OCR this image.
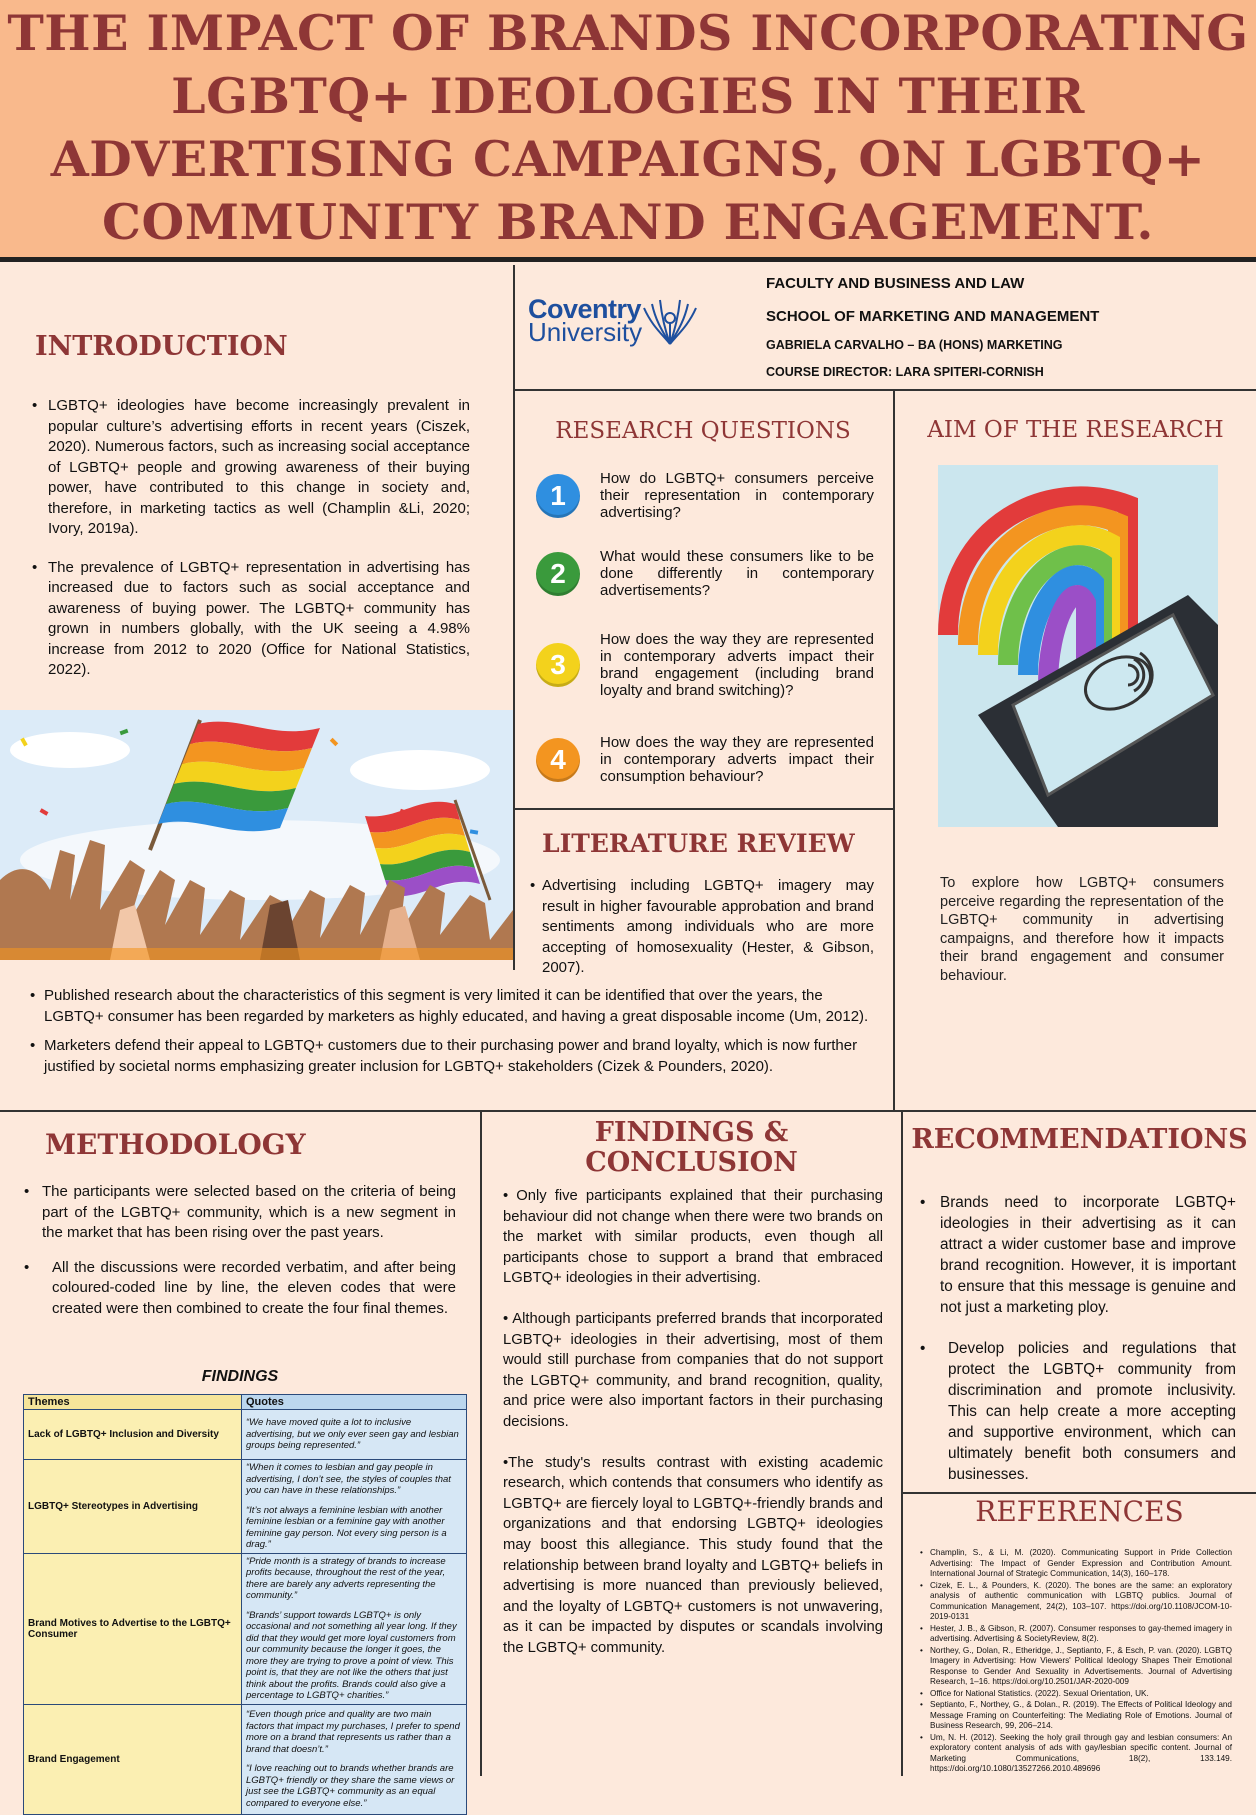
THE IMPACT OF BRANDS INCORPORATING LGBTQ+ IDEOLOGIES IN THEIR ADVERTISING CAMPAIGNS, ON LGBTQ+ COMMUNITY BRAND ENGAGEMENT.
Coventry
University
FACULTY AND BUSINESS AND LAW
SCHOOL OF MARKETING AND MANAGEMENT
GABRIELA CARVALHO – BA (HONS) MARKETING
COURSE DIRECTOR: LARA SPITERI-CORNISH
INTRODUCTION
• LGBTQ+ ideologies have become increasingly prevalent in popular culture’s advertising efforts in recent years (Ciszek, 2020). Numerous factors, such as increasing social acceptance of LGBTQ+ people and growing awareness of their buying power, have contributed to this change in society and, therefore, in marketing tactics as well (Champlin &Li, 2020; Ivory, 2019a).
• The prevalence of LGBTQ+ representation in advertising has increased due to factors such as social acceptance and awareness of buying power. The LGBTQ+ community has grown in numbers globally, with the UK seeing a 4.98% increase from 2012 to 2020 (Office for National Statistics, 2022).
RESEARCH QUESTIONS
1
How do LGBTQ+ consumers perceive their representation in contemporary advertising?
2
What would these consumers like to be done differently in contemporary advertisements?
3
How does the way they are represented in contemporary adverts impact their brand engagement (including brand loyalty and brand switching)?
4
How does the way they are represented in contemporary adverts impact their consumption behaviour?
AIM OF THE RESEARCH
To explore how LGBTQ+ consumers perceive regarding the representation of the LGBTQ+ community in advertising campaigns, and therefore how it impacts their brand engagement and consumer behaviour.
LITERATURE REVIEW
• Advertising including LGBTQ+ imagery may result in higher favourable approbation and brand sentiments among individuals who are more accepting of homosexuality (Hester, & Gibson, 2007).
• Published research about the characteristics of this segment is very limited it can be identified that over the years, the LGBTQ+ consumer has been regarded by marketers as highly educated, and having a great disposable income (Um, 2012).
• Marketers defend their appeal to LGBTQ+ customers due to their purchasing power and brand loyalty, which is now further justified by societal norms emphasizing greater inclusion for LGBTQ+ stakeholders (Cizek & Pounders, 2020).
METHODOLOGY
• The participants were selected based on the criteria of being part of the LGBTQ+ community, which is a new segment in the market that has been rising over the past years.
• All the discussions were recorded verbatim, and after being coloured-coded line by line, the eleven codes that were created were then combined to create the four final themes.
FINDINGS
Themes	Quotes
Lack of LGBTQ+ Inclusion and Diversity	“We have moved quite a lot to inclusive advertising, but we only ever seen gay and lesbian groups being represented.”

LGBTQ+ Stereotypes in Advertising	“When it comes to lesbian and gay people in advertising, I don’t see, the styles of couples that you can have in these relationships.”
“It’s not always a feminine lesbian with another feminine lesbian or a feminine gay with another feminine gay person. Not every sing person is a drag.”

Brand Motives to Advertise to the LGBTQ+ Consumer	“Pride month is a strategy of brands to increase profits because, throughout the rest of the year, there are barely any adverts representing the community.”
“Brands’ support towards LGBTQ+ is only occasional and not something all year long. If they did that they would get more loyal customers from our community because the longer it goes, the more they are trying to prove a point of view. This point is, that they are not like the others that just think about the profits. Brands could also give a percentage to LGBTQ+ charities.”

Brand Engagement	“Even though price and quality are two main factors that impact my purchases, I prefer to spend more on a brand that represents us rather than a brand that doesn’t.”
“I love reaching out to brands whether brands are LGBTQ+ friendly or they share the same views or just see the LGBTQ+ community as an equal compared to everyone else.”
FINDINGS &
CONCLUSION

• Only five participants explained that their purchasing behaviour did not change when there were two brands on the market with similar products, even though all participants chose to support a brand that embraced LGBTQ+ ideologies in their advertising.

• Although participants preferred brands that incorporated LGBTQ+ ideologies in their advertising, most of them would still purchase from companies that do not support the LGBTQ+ community, and brand recognition, quality, and price were also important factors in their purchasing decisions.

•The study's results contrast with existing academic research, which contends that consumers who identify as LGBTQ+ are fiercely loyal to LGBTQ+-friendly brands and organizations and that endorsing LGBTQ+ ideologies may boost this allegiance. This study found that the relationship between brand loyalty and LGBTQ+ beliefs in advertising is more nuanced than previously believed, and the loyalty of LGBTQ+ customers is not unwavering, as it can be impacted by disputes or scandals involving the LGBTQ+ community.

RECOMMENDATIONS
• Brands need to incorporate LGBTQ+ ideologies in their advertising as it can attract a wider customer base and improve brand recognition. However, it is important to ensure that this message is genuine and not just a marketing ploy.
• Develop policies and regulations that protect the LGBTQ+ community from discrimination and promote inclusivity. This can help create a more accepting and supportive environment, which can ultimately benefit both consumers and businesses.
REFERENCES
• Champlin, S., & Li, M. (2020). Communicating Support in Pride Collection Advertising: The Impact of Gender Expression and Contribution Amount. International Journal of Strategic Communication, 14(3), 160–178.
• Cizek, E. L., & Pounders, K. (2020). The bones are the same: an exploratory analysis of authentic communication with LGBTQ publics. Journal of Communication Management, 24(2), 103–107. https://doi.org/10.1108/JCOM-10-2019-0131
• Hester, J. B., & Gibson, R. (2007). Consumer responses to gay-themed imagery in advertising. Advertising & SocietyReview, 8(2).
• Northey, G., Dolan, R., Etheridge, J., Septianto, F., & Esch, P. van. (2020). LGBTQ Imagery in Advertising: How Viewers' Political Ideology Shapes Their Emotional Response to Gender And Sexuality in Advertisements. Journal of Advertising Research, 1–16. https://doi.org/10.2501/JAR-2020-009
• Office for National Statistics. (2022). Sexual Orientation, UK.
• Septianto, F., Northey, G., & Dolan., R. (2019). The Effects of Political Ideology and Message Framing on Counterfeiting: The Mediating Role of Emotions. Journal of Business Research, 99, 206–214.
• Um, N. H. (2012). Seeking the holy grail through gay and lesbian consumers: An exploratory content analysis of ads with gay/lesbian specific content. Journal of Marketing Communications, 18(2), 133.149. https://doi.org/10.1080/13527266.2010.489696
